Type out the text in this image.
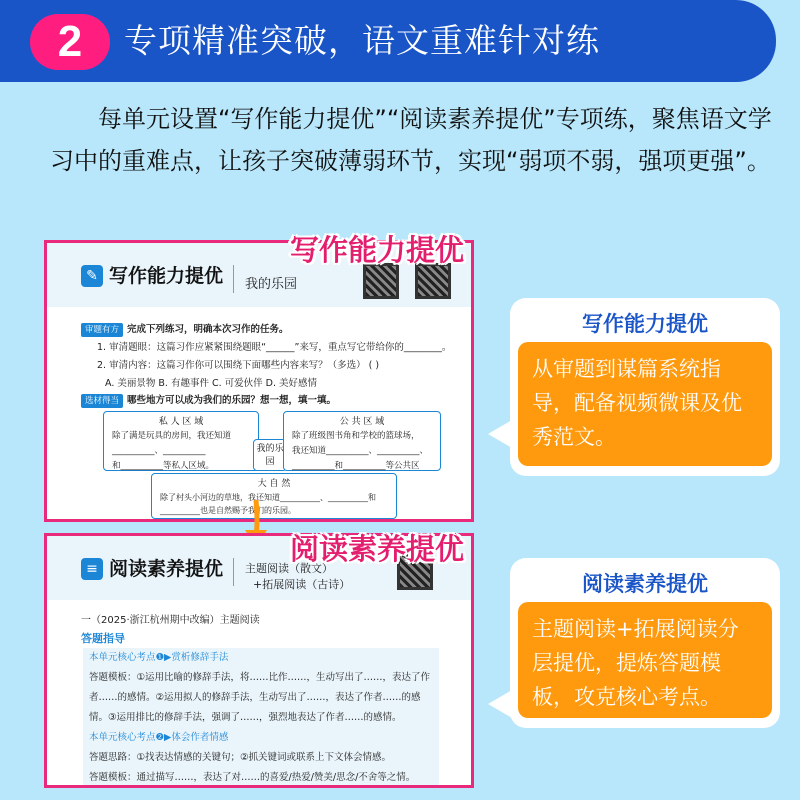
2	专项精准突破，语文重难针对练
每单元设置“写作能力提优”“阅读素养提优”专项练，聚焦语文学习中的重难点，让孩子突破薄弱环节，实现“弱项不弱，强项更强”。
✎ 写作能力提优 我的乐园
审题有方 完成下列练习，明确本次习作的任务。
1. 审清题眼：这篇习作应紧紧围绕题眼“______”来写，重点写它带给你的________。
2. 审清内容：这篇习作你可以围绕下面哪些内容来写？（多选） ( )
A. 美丽景物 B. 有趣事件 C. 可爱伙伴 D. 美好感情
选材得当 哪些地方可以成为我们的乐园？想一想，填一填。
私 人 区 域
除了满是玩具的房间，我还知道
__________、__________
和__________等私人区域。
我的乐园
公 共 区 域
除了班级图书角和学校的篮球场，
我还知道__________、__________、
__________和__________等公共区
大 自 然
除了村头小河边的草地，我还知道__________、__________和
__________也是自然赐予我们的乐园。
写作能力提优
≡ 阅读素养提优 主题阅读（散文）
+拓展阅读（古诗）
一（2025·浙江杭州期中改编）主题阅读
答题指导
本单元核心考点❶▶赏析修辞手法
答题模板：①运用比喻的修辞手法，将……比作……，生动写出了……，表达了作
者……的感情。②运用拟人的修辞手法，生动写出了……，表达了作者……的感
情。③运用排比的修辞手法，强调了……，强烈地表达了作者……的感情。
本单元核心考点❷▶体会作者情感
答题思路：①找表达情感的关键句；②抓关键词或联系上下文体会情感。
答题模板：通过描写……，表达了对……的喜爱/热爱/赞美/思念/不舍等之情。
阅读素养提优
写作能力提优
从审题到谋篇系统指导，配备视频微课及优秀范文。
阅读素养提优
主题阅读+拓展阅读分层提优，提炼答题模板，攻克核心考点。
